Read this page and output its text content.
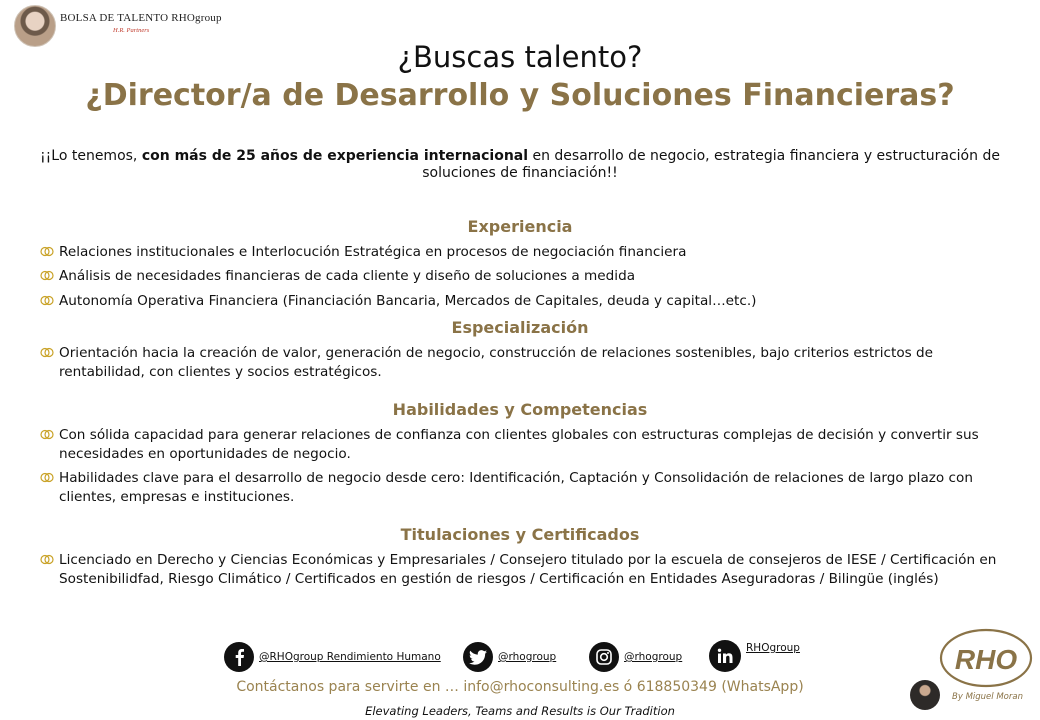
BOLSA DE TALENTO RHOgroup
H.R. Partners
¿Buscas talento?
¿Director/a de Desarrollo y Soluciones Financieras?
¡¡Lo tenemos, con más de 25 años de experiencia internacional en desarrollo de negocio, estrategia financiera y estructuración de soluciones de financiación!!
Experiencia
Relaciones institucionales e Interlocución Estratégica en procesos de negociación financiera
Análisis de necesidades financieras de cada cliente y diseño de soluciones a medida
Autonomía Operativa Financiera (Financiación Bancaria, Mercados de Capitales, deuda y capital…etc.)
Especialización
Orientación hacia la creación de valor, generación de negocio, construcción de relaciones sostenibles, bajo criterios estrictos de rentabilidad, con clientes y socios estratégicos.
Habilidades y Competencias
Con sólida capacidad para generar relaciones de confianza con clientes globales con estructuras complejas de decisión y convertir sus necesidades en oportunidades de negocio.
Habilidades clave para el desarrollo de negocio desde cero: Identificación, Captación y Consolidación de relaciones de largo plazo con clientes, empresas e instituciones.
Titulaciones y Certificados
Licenciado en Derecho y Ciencias Económicas y Empresariales / Consejero titulado por la escuela de consejeros de IESE / Certificación en Sostenibilidfad, Riesgo Climático / Certificados en gestión de riesgos / Certificación en Entidades Aseguradoras / Bilingüe (inglés)
@RHOgroup Rendimiento Humano	@rhogroup	@rhogroup
RHOgroup
Contáctanos para servirte en … info@rhoconsulting.es ó 618850349 (WhatsApp)
Elevating Leaders, Teams and Results is Our Tradition
RHO
By Miguel Moran
